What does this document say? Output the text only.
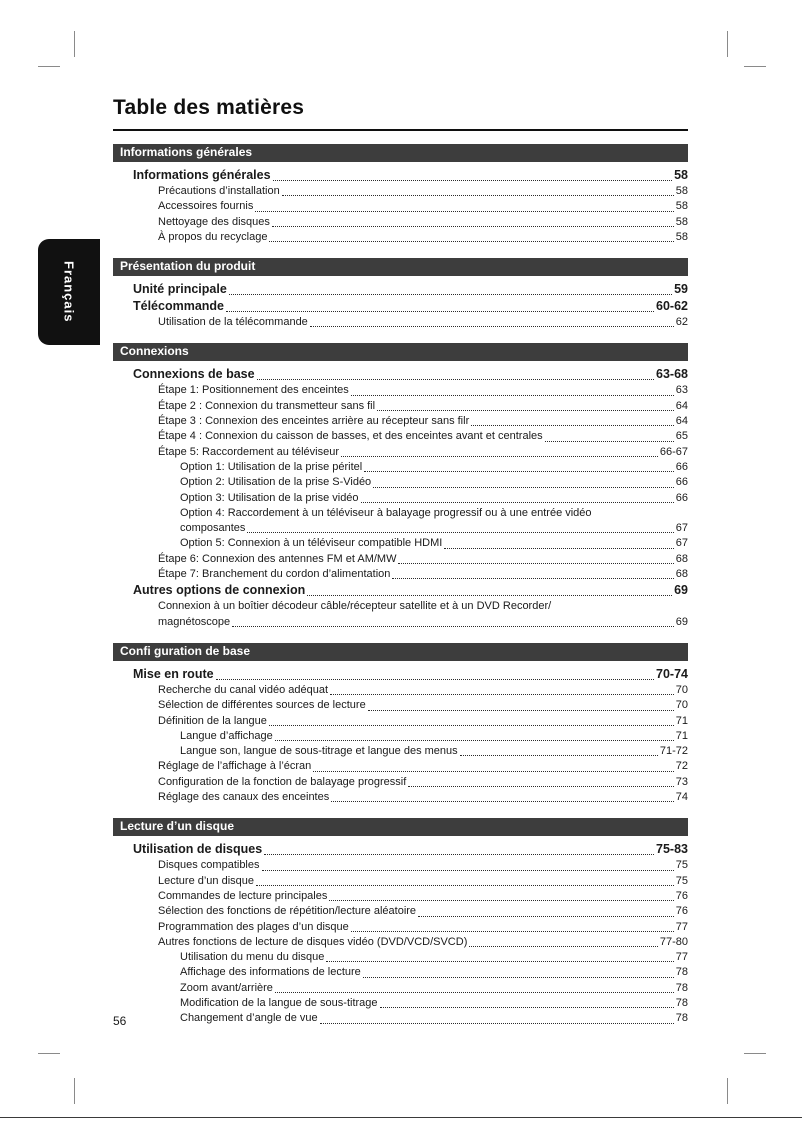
Français
Table des matières
Informations générales
Informations générales	58
Précautions d’installation	58
Accessoires fournis	58
Nettoyage des disques	58
À propos du recyclage	58
Présentation du produit
Unité principale	59
Télécommande	60-62
Utilisation de la télécommande	62
Connexions
Connexions de base	63-68
Étape 1: Positionnement des enceintes	63
Étape 2 : Connexion du transmetteur sans fil	64
Étape 3 : Connexion des enceintes arrière au récepteur sans filr	64
Étape 4 : Connexion du caisson de basses, et des enceintes avant et centrales	65
Étape 5: Raccordement au téléviseur	66-67
Option 1: Utilisation de la prise péritel	66
Option 2: Utilisation de la prise S-Vidéo	66
Option 3: Utilisation de la prise vidéo	66
Option 4: Raccordement à un téléviseur à balayage progressif ou à une entrée vidéo
composantes	67
Option 5: Connexion à un téléviseur compatible HDMI	67
Étape 6: Connexion des antennes FM et AM/MW	68
Étape 7: Branchement du cordon d’alimentation	68
Autres options de connexion	69
Connexion à un boîtier décodeur câble/récepteur satellite et à un DVD Recorder/
magnétoscope	69
Confi guration de base
Mise en route	70-74
Recherche du canal vidéo adéquat	70
Sélection de différentes sources de lecture	70
Définition de la langue	71
Langue d’affichage	71
Langue son, langue de sous-titrage et langue des menus	71-72
Réglage de l’affichage à l’écran	72
Configuration de la fonction de balayage progressif	73
Réglage des canaux des enceintes	74
Lecture d’un disque
Utilisation de disques	75-83
Disques compatibles	75
Lecture d’un disque	75
Commandes de lecture principales	76
Sélection des fonctions de répétition/lecture aléatoire	76
Programmation des plages d’un disque	77
Autres fonctions de lecture de disques vidéo (DVD/VCD/SVCD)	77-80
Utilisation du menu du disque	77
Affichage des informations de lecture	78
Zoom avant/arrière	78
Modification de la langue de sous-titrage	78
Changement d’angle de vue	78
56
